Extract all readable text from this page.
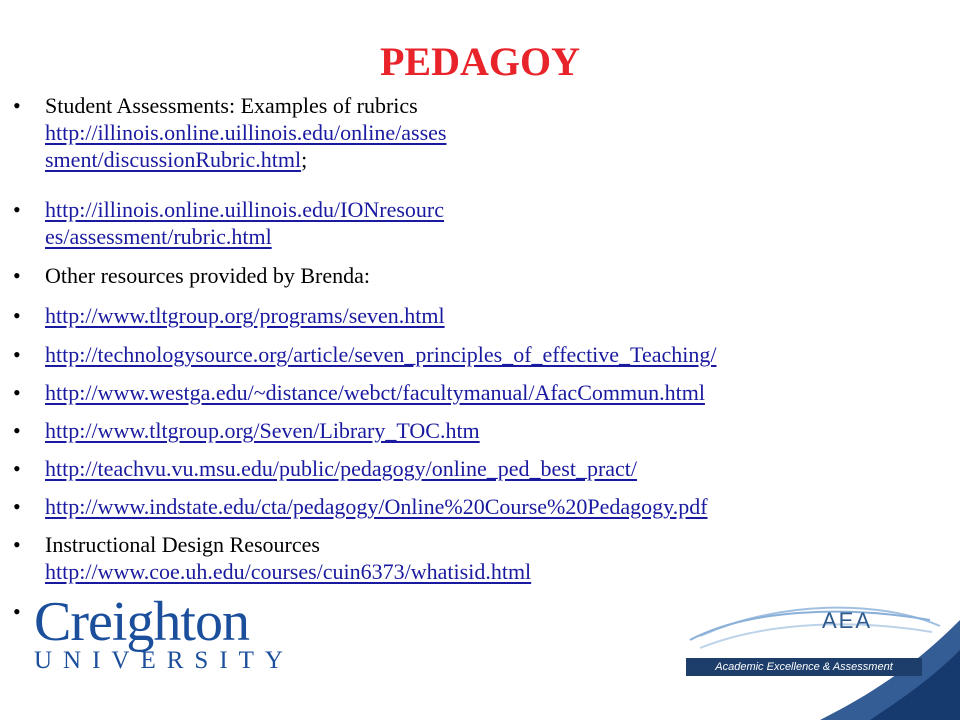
PEDAGOY
•	Student Assessments: Examples of rubrics
http://illinois.online.uillinois.edu/online/asses
sment/discussionRubric.html;
•	http://illinois.online.uillinois.edu/IONresourc
es/assessment/rubric.html
•	Other resources provided by Brenda:
•	http://www.tltgroup.org/programs/seven.html
•	http://technologysource.org/article/seven_principles_of_effective_Teaching/
•	http://www.westga.edu/~distance/webct/facultymanual/AfacCommun.html
•	http://www.tltgroup.org/Seven/Library_TOC.htm
•	http://teachvu.vu.msu.edu/public/pedagogy/online_ped_best_pract/
•	http://www.indstate.edu/cta/pedagogy/Online%20Course%20Pedagogy.pdf
•	Instructional Design Resources
http://www.coe.uh.edu/courses/cuin6373/whatisid.html
• Creighton
UNIVERSITY
AEA
Academic Excellence & Assessment
